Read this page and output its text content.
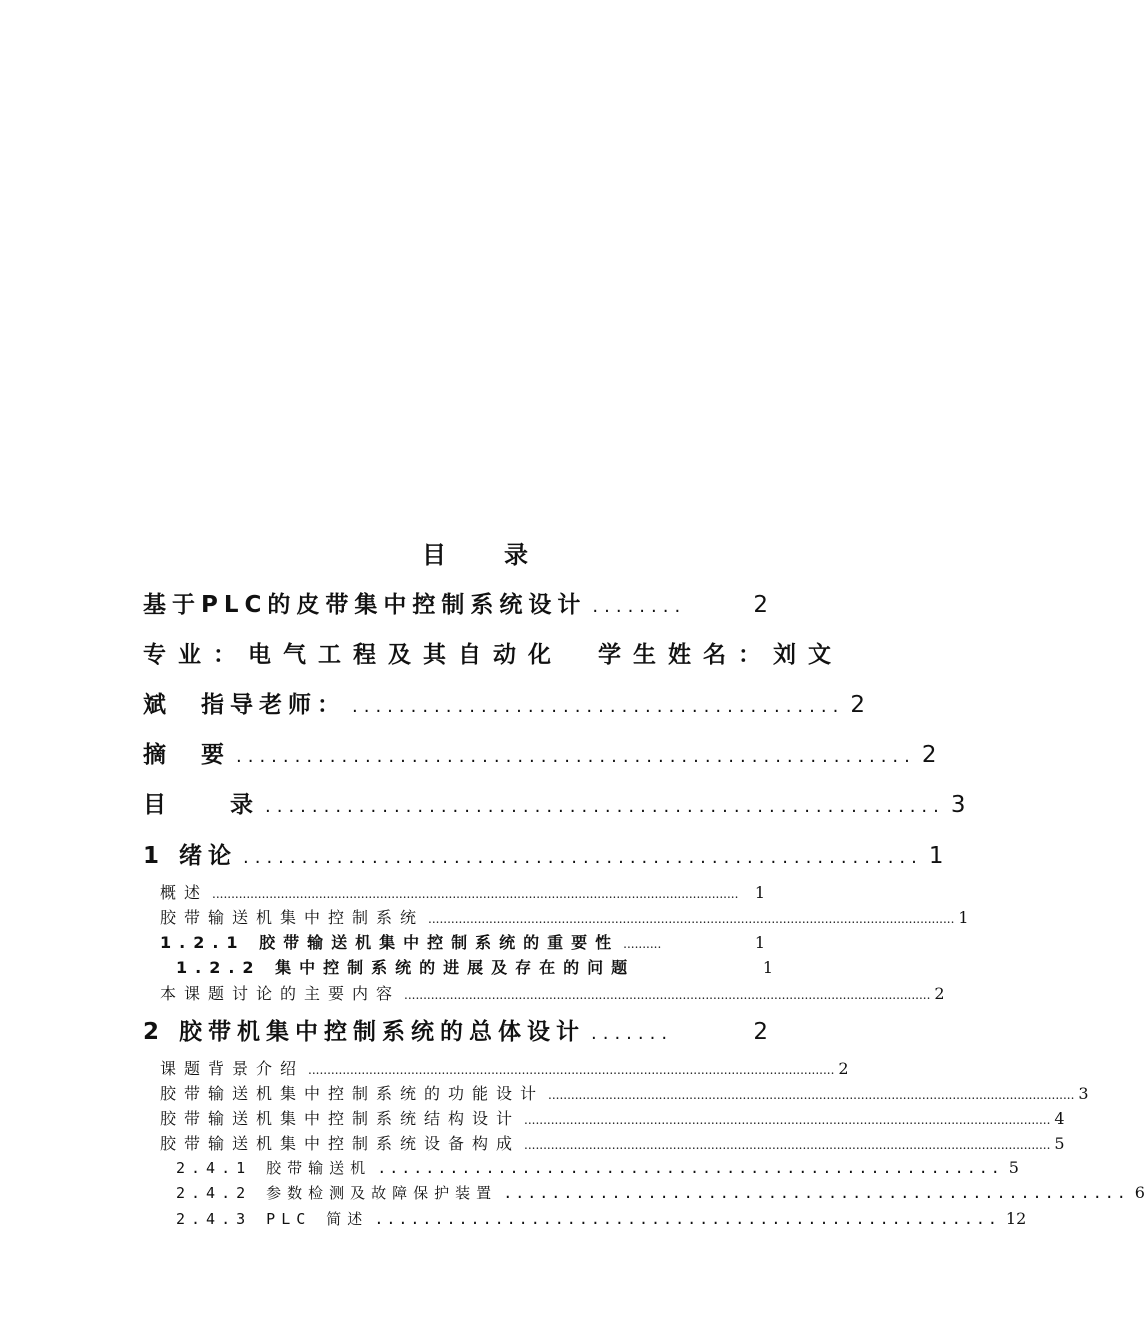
目 录
基于PLC的皮带集中控制系统设计 ........	2
专业：电气工程及其自动化　学生姓名：刘文
斌　指导老师： .......................................... 2
摘　要 .......................................................... 2
目　　录 .......................................................... 3
1 绪论 .......................................................... 1
概述 ..........................................................................................................................................	1
胶带输送机集中控制系统 .......................................................................................................................................... 1
1.2.1 胶带输送机集中控制系统的重要性 ..........	1
1.2.2 集中控制系统的进展及存在的问题	1
本课题讨论的主要内容 .......................................................................................................................................... 2
2 胶带机集中控制系统的总体设计 .......	2
课题背景介绍 .......................................................................................................................................... 2
胶带输送机集中控制系统的功能设计 .......................................................................................................................................... 3
胶带输送机集中控制系统结构设计 .......................................................................................................................................... 4
胶带输送机集中控制系统设备构成 .......................................................................................................................................... 5
2.4.1 胶带输送机 .................................................... 5
2.4.2 参数检测及故障保护装置 .................................................... 6
2.4.3 PLC 简述 .................................................... 12
